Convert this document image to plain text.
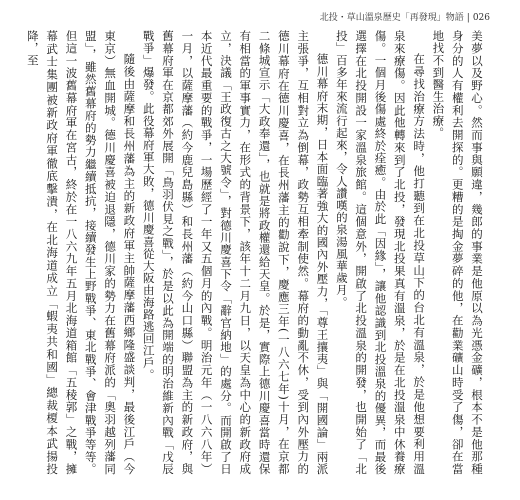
北投・草山溫泉歷史「再發現」物語 | 026

美夢以及野心。然而事與願違，幾郎的事業是他原以為光憑金礦，根本不是他那種身分的人有權利去開探的。更糟的是掏金夢碎的他，在勸業礦山時受了傷，卻在當地找不到醫生治療。

在尋找治療方法時，他打聽到在北投草山下的台北有溫泉，於是他想要利用溫泉來療傷。因此他轉來到了北投，發現北投果真有溫泉，於是在北投溫泉中休養療傷。一個月後傷處終於痊癒。由於此「因緣」，讓他認識到北投溫泉的優異，而最後選擇在北投開設一家溫泉旅館。這個意外，開啟了北投溫泉的開發，也開始了「北投」百多年來流行起來，令人讚嘆的泉湯風華歲月。

德川幕府末期，日本面臨著強大的國內外壓力，「尊王攘夷」與「開國論」兩派主張爭，互相對立為倒幕，政勢互相牽制使然。幕府的動亂不休，受到內外壓力的德川幕府在德川慶喜，在長州藩主的勸說下，慶應三年(一八六七年)十月，在京都二條城宣示「大政奉還」，也就是將政權還給天皇。於是，實際上德川慶喜當時還保有相當的軍事實力，在形式的背景下，該年十二月九日，以天皇為中心的新政府成立，決議「王政復古之大號令」，對德川慶喜下令「辭官納地」的處分。而開啟了日本近代最重要的戰爭，一場歷經了一年又五個月的內戰。明治元年（一八六八年）一月，以薩摩藩（約今鹿兒島縣）和長州藩（約今山口縣）聯盟為主的新政府，與舊幕府軍在京都郊外展開「鳥羽伏見之戰」，於是以此為開端的明治維新內戰「戊辰戰爭」爆發。此役幕府軍大敗，德川慶喜從大阪由海路逃回江戶。

隨後由薩摩和長州藩為主的新政府軍主帥薩摩藩西鄉隆盛談判，最後江戶（今東京）無血開城。德川慶喜被迫退隱，德川家的勢力在舊幕府派的「奧羽越列藩同盟」，雖然舊幕府的勢力繼續抵抗，接續發生上野戰爭、東北戰爭、會津戰爭等等。但這一波舊幕府軍在宮古，終於在一八六九年五月北海道箱館「五稜郭」之戰，擁幕武士集團被新政府軍徹底擊潰，在北海道成立「蝦夷共和國」總裁榎本武揚投降，至
